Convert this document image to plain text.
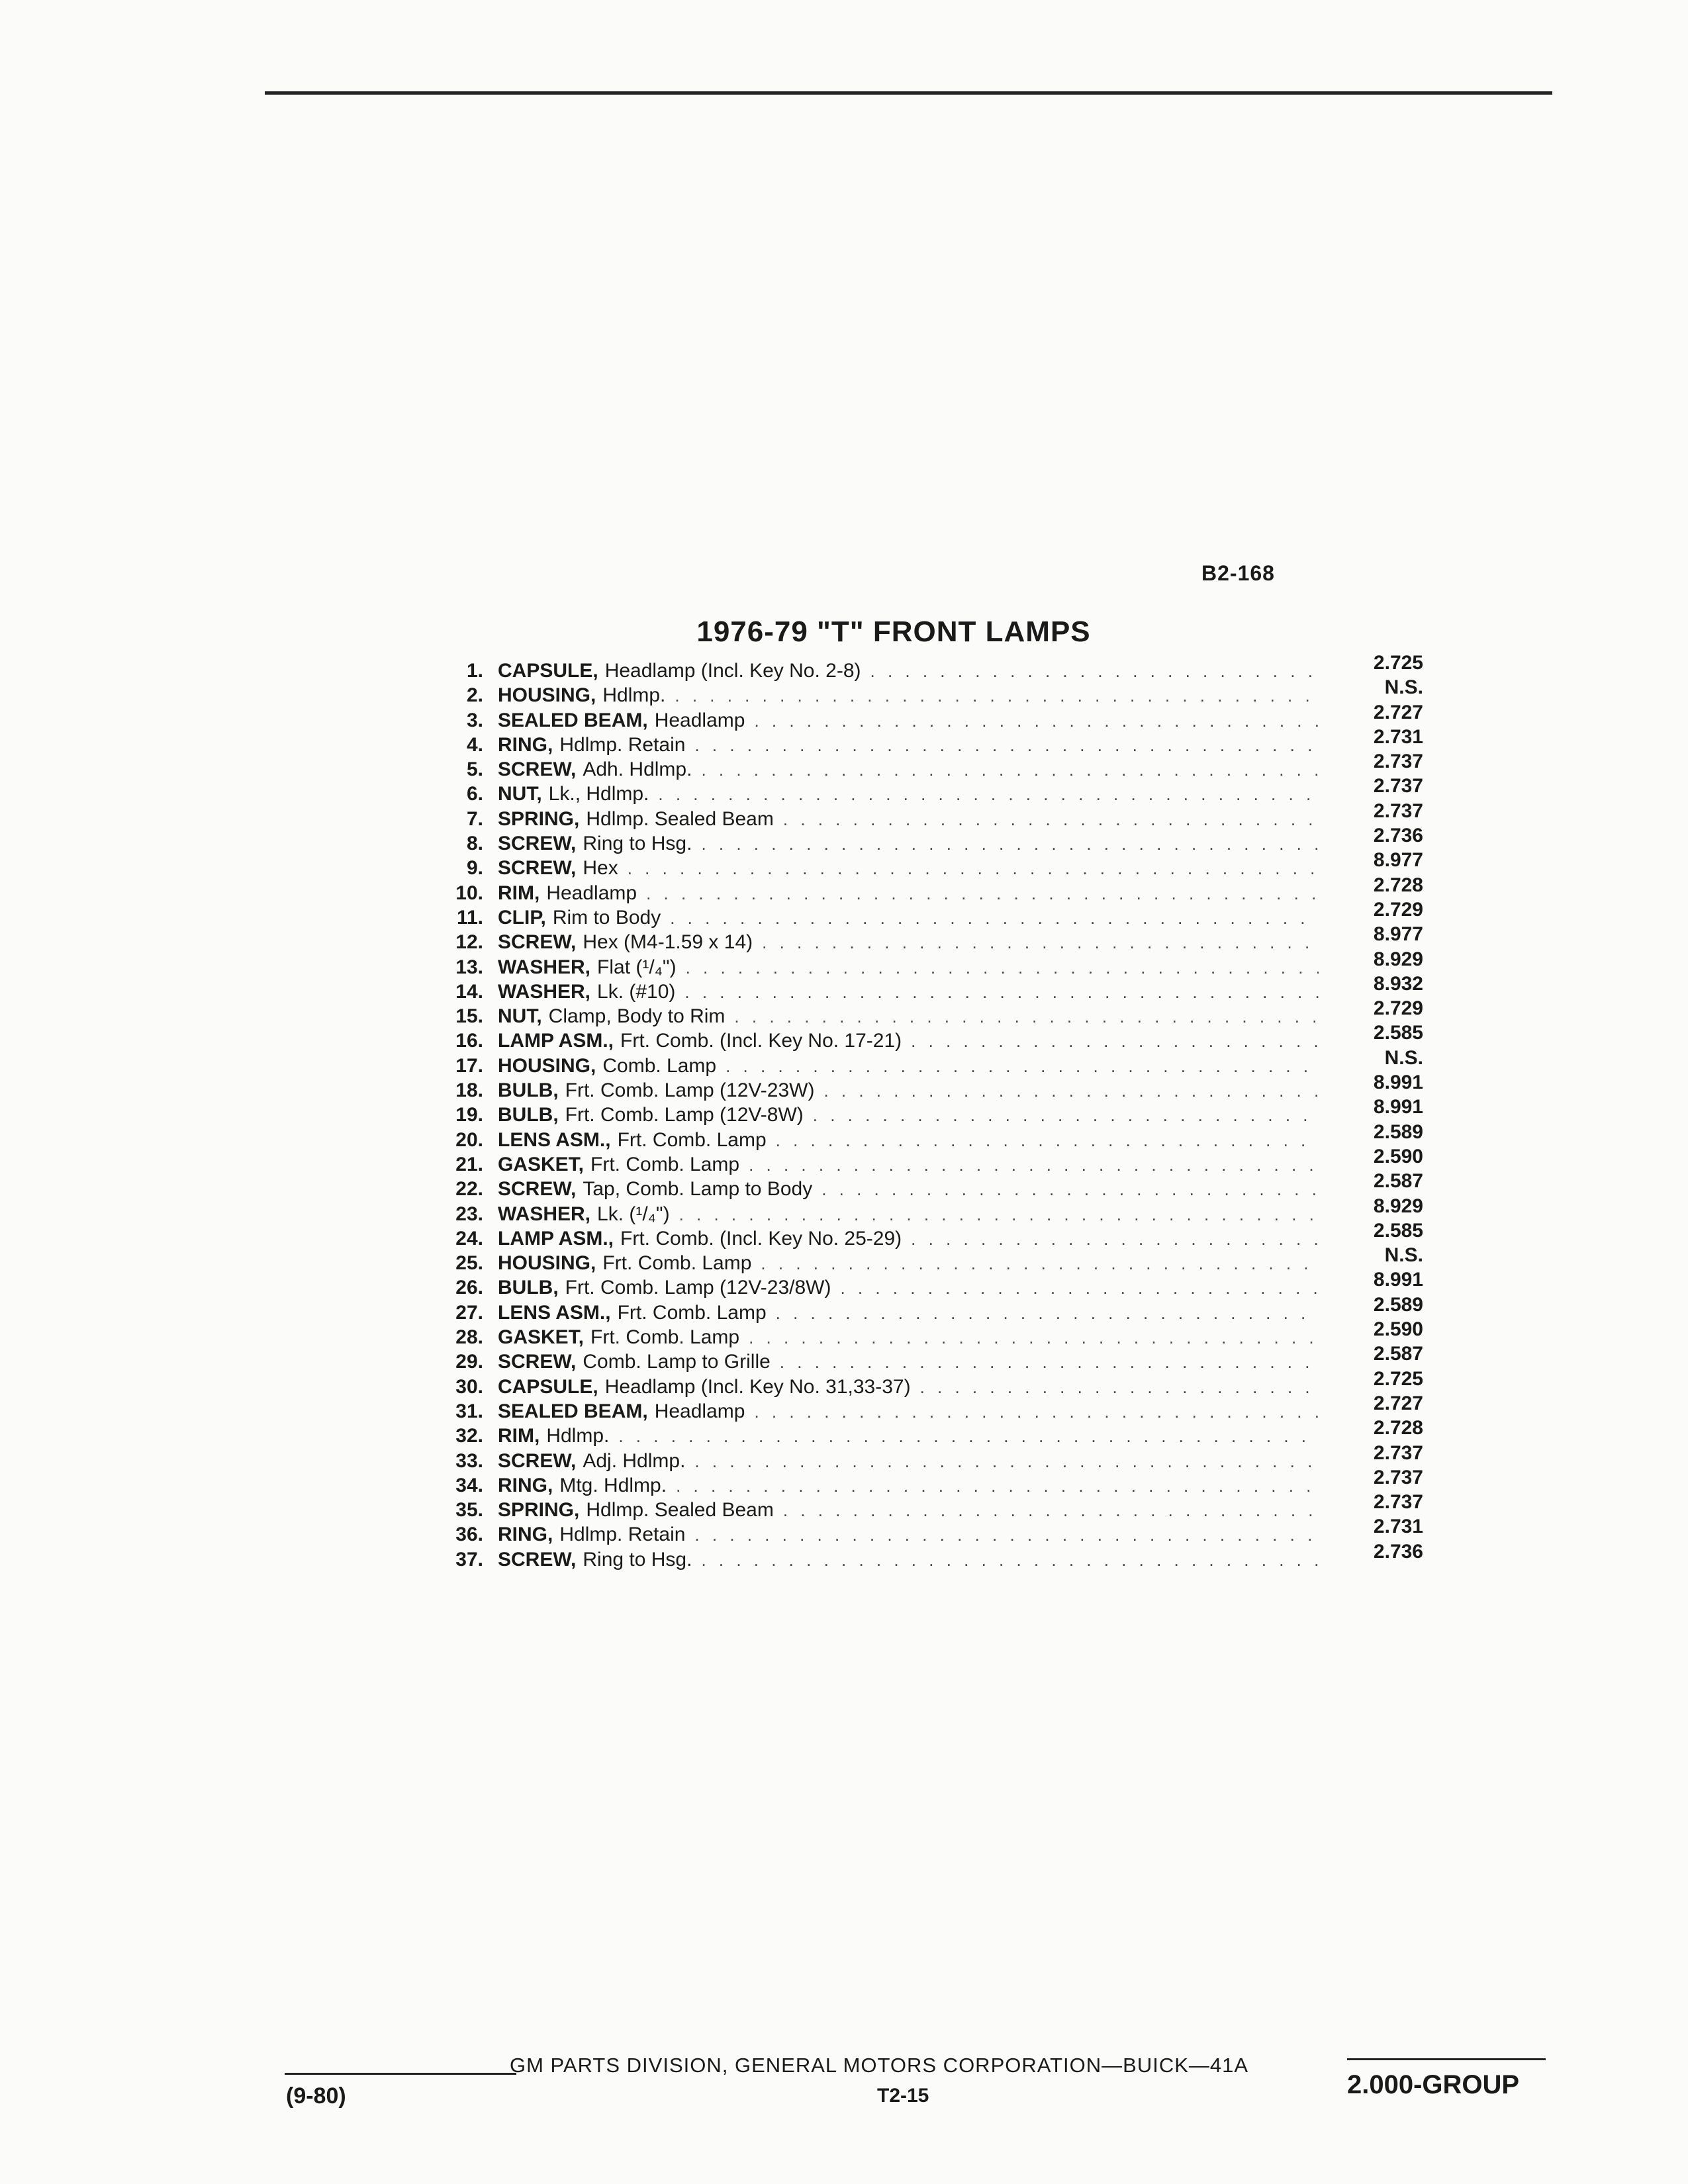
B2-168
1976-79 "T" FRONT LAMPS
1. CAPSULE, Headlamp (Incl. Key No. 2-8) . . .	2.725
2. HOUSING, Hdlmp. . . .	N.S.
3. SEALED BEAM, Headlamp . . .	2.727
4. RING, Hdlmp. Retain . . .	2.731
5. SCREW, Adh. Hdlmp. . . .	2.737
6. NUT, Lk., Hdlmp. . . .	2.737
7. SPRING, Hdlmp. Sealed Beam . . .	2.737
8. SCREW, Ring to Hsg. . . .	2.736
9. SCREW, Hex . . .	8.977
10. RIM, Headlamp . . .	2.728
11. CLIP, Rim to Body . . .	2.729
12. SCREW, Hex (M4-1.59 x 14) . . .	8.977
13. WASHER, Flat (¹/₄") . . .	8.929
14. WASHER, Lk. (#10) . . .	8.932
15. NUT, Clamp, Body to Rim . . .	2.729
16. LAMP ASM., Frt. Comb. (Incl. Key No. 17-21) . . .	2.585
17. HOUSING, Comb. Lamp . . .	N.S.
18. BULB, Frt. Comb. Lamp (12V-23W) . . .	8.991
19. BULB, Frt. Comb. Lamp (12V-8W) . . .	8.991
20. LENS ASM., Frt. Comb. Lamp . . .	2.589
21. GASKET, Frt. Comb. Lamp . . .	2.590
22. SCREW, Tap, Comb. Lamp to Body . . .	2.587
23. WASHER, Lk. (¹/₄") . . .	8.929
24. LAMP ASM., Frt. Comb. (Incl. Key No. 25-29) . . .	2.585
25. HOUSING, Frt. Comb. Lamp . . .	N.S.
26. BULB, Frt. Comb. Lamp (12V-23/8W) . . .	8.991
27. LENS ASM., Frt. Comb. Lamp . . .	2.589
28. GASKET, Frt. Comb. Lamp . . .	2.590
29. SCREW, Comb. Lamp to Grille . . .	2.587
30. CAPSULE, Headlamp (Incl. Key No. 31,33-37) . . .	2.725
31. SEALED BEAM, Headlamp . . .	2.727
32. RIM, Hdlmp. . . .	2.728
33. SCREW, Adj. Hdlmp. . . .	2.737
34. RING, Mtg. Hdlmp. . . .	2.737
35. SPRING, Hdlmp. Sealed Beam . . .	2.737
36. RING, Hdlmp. Retain . . .	2.731
37. SCREW, Ring to Hsg. . . .	2.736
GM PARTS DIVISION, GENERAL MOTORS CORPORATION—BUICK—41A
(9-80)	T2-15	2.000-GROUP
